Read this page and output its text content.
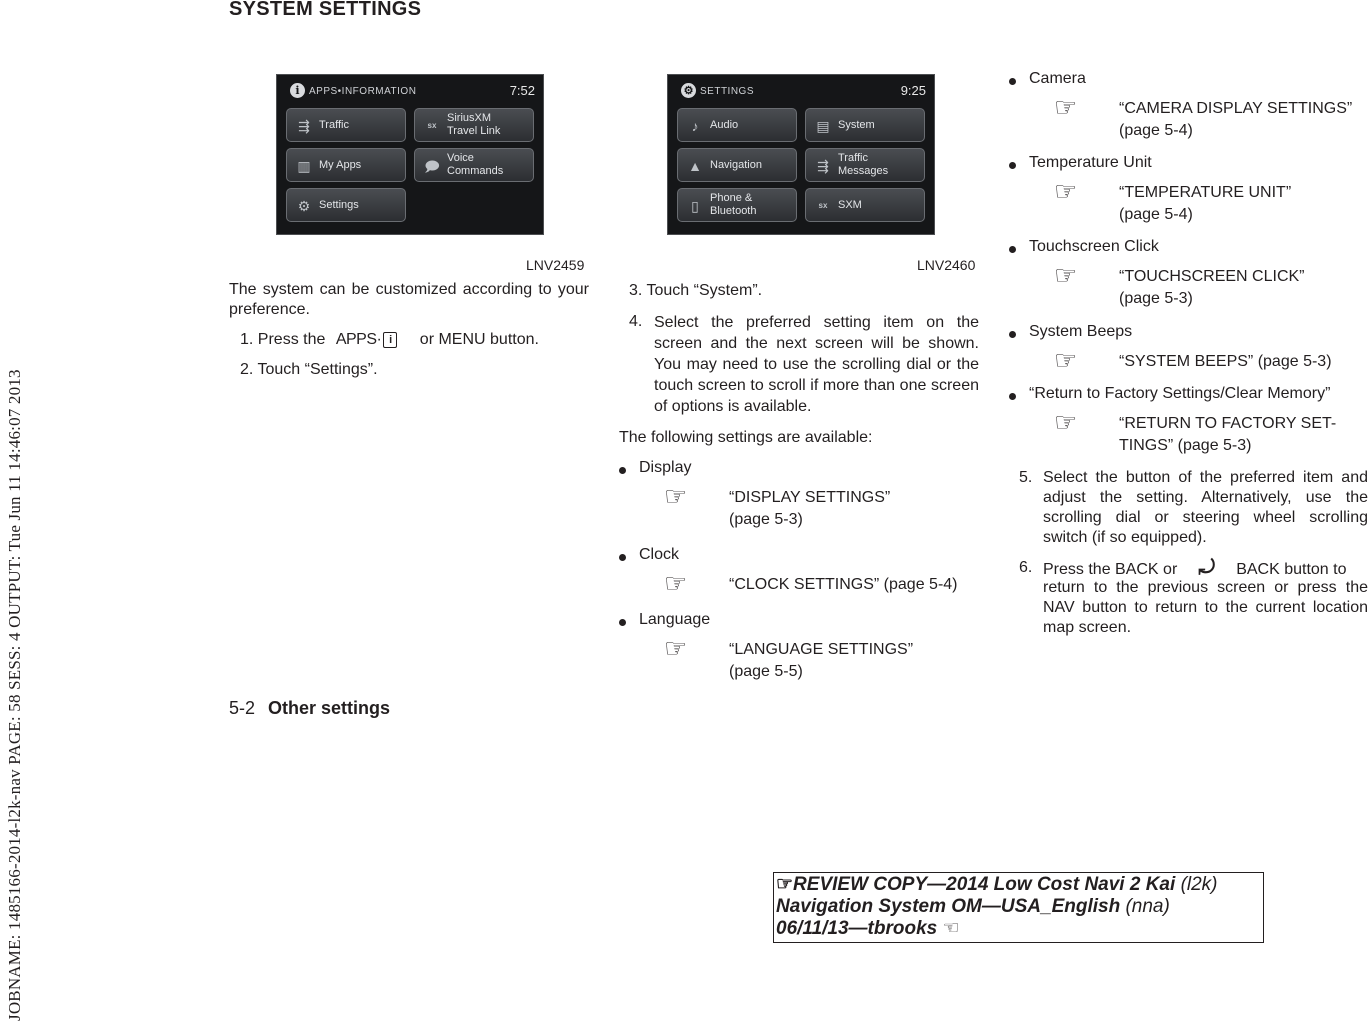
JOBNAME: 1485166-2014-l2k-nav PAGE: 58 SESS: 4 OUTPUT: Tue Jun 11 14:46:07 2013
SYSTEM SETTINGS
i APPS•INFORMATION	7:52
⇶ Traffic	sx
SiriusXM
Travel Link
▥ My Apps	🗩 Voice
Commands
⚙ Settings
LNV2459
⚙ SETTINGS	9:25
♪	Audio	▤ System
▲ Navigation	⇶ Traffic
Messages
▯	Phone &
Bluetooth	sx SXM
LNV2460
The system can be customized according to your preference.
1. Press the APPS· i or MENU button.
2. Touch “Settings”.
3. Touch “System”.
4. Select the preferred setting item on the screen and the next screen will be shown. You may need to use the scrolling dial or the touch screen to scroll if more than one screen of options is available.
The following settings are available:
Display
☞	“DISPLAY SETTINGS”
(page 5-3)
Clock
☞	“CLOCK SETTINGS” (page 5-4)
Language
☞	“LANGUAGE SETTINGS”
(page 5-5)
Camera
☞	“CAMERA DISPLAY SETTINGS”
(page 5-4)
Temperature Unit
☞	“TEMPERATURE UNIT”
(page 5-4)
Touchscreen Click
☞	“TOUCHSCREEN CLICK”
(page 5-3)
System Beeps
☞	“SYSTEM BEEPS” (page 5-3)
“Return to Factory Settings/Clear Memory”
☞	“RETURN TO FACTORY SET-
TINGS” (page 5-3)
5. Select the button of the preferred item and adjust the setting. Alternatively, use the scrolling dial or steering wheel scrolling switch (if so equipped).
6. Press the BACK or ⤾ BACK button to
return to the previous screen or press the NAV button to return to the current location map screen.
5-2 Other settings
☞REVIEW COPY—2014 Low Cost Navi 2 Kai (l2k)
Navigation System OM—USA_English (nna)
06/11/13—tbrooks ☜
